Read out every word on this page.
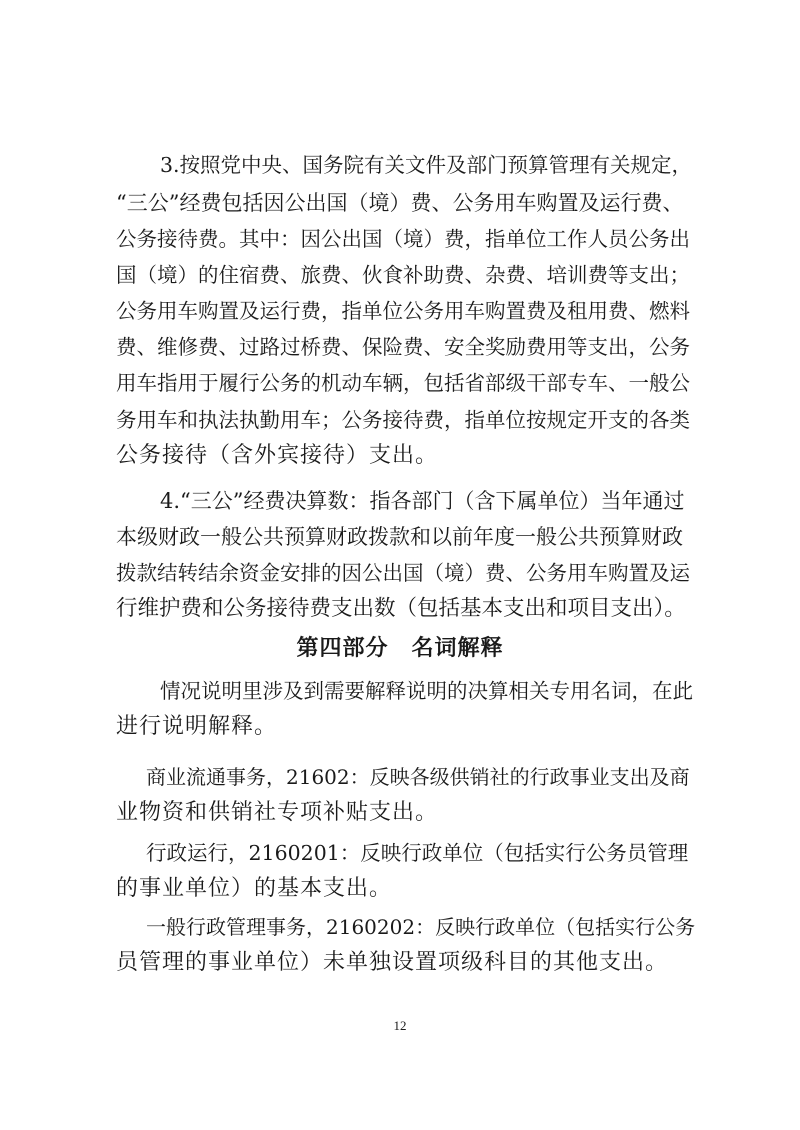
3.按照党中央、国务院有关文件及部门预算管理有关规定，
“三公”经费包括因公出国（境）费、公务用车购置及运行费、
公务接待费。其中：因公出国（境）费，指单位工作人员公务出
国（境）的住宿费、旅费、伙食补助费、杂费、培训费等支出；
公务用车购置及运行费，指单位公务用车购置费及租用费、燃料
费、维修费、过路过桥费、保险费、安全奖励费用等支出，公务
用车指用于履行公务的机动车辆，包括省部级干部专车、一般公
务用车和执法执勤用车；公务接待费，指单位按规定开支的各类
公务接待（含外宾接待）支出。
4.“三公”经费决算数：指各部门（含下属单位）当年通过
本级财政一般公共预算财政拨款和以前年度一般公共预算财政
拨款结转结余资金安排的因公出国（境）费、公务用车购置及运
行维护费和公务接待费支出数（包括基本支出和项目支出）。
第四部分　名词解释
情况说明里涉及到需要解释说明的决算相关专用名词，在此
进行说明解释。
商业流通事务，21602：反映各级供销社的行政事业支出及商
业物资和供销社专项补贴支出。
行政运行，2160201：反映行政单位（包括实行公务员管理
的事业单位）的基本支出。
一般行政管理事务，2160202：反映行政单位（包括实行公务
员管理的事业单位）未单独设置项级科目的其他支出。
12
